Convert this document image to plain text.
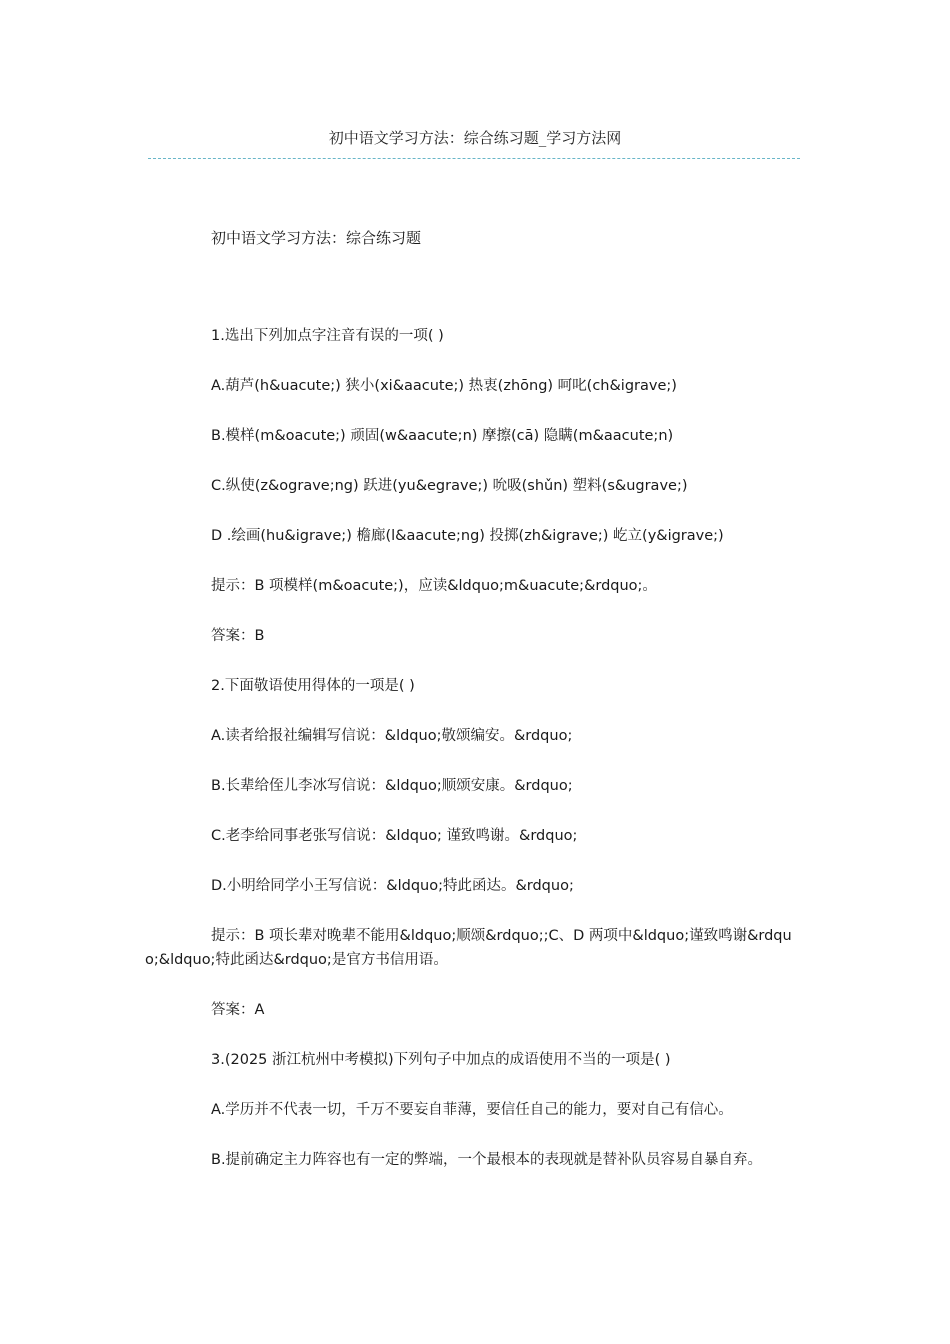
初中语文学习方法：综合练习题_学习方法网

初中语文学习方法：综合练习题

1.选出下列加点字注音有误的一项( )

A.葫芦(h&uacute;) 狭小(xi&aacute;) 热衷(zhōng) 呵叱(ch&igrave;)

B.模样(m&oacute;) 顽固(w&aacute;n) 摩擦(cā) 隐瞒(m&aacute;n)

C.纵使(z&ograve;ng) 跃进(yu&egrave;) 吮吸(shǔn) 塑料(s&ugrave;)

D .绘画(hu&igrave;) 檐廊(l&aacute;ng) 投掷(zh&igrave;) 屹立(y&igrave;)

提示：B 项模样(m&oacute;)，应读&ldquo;m&uacute;&rdquo;。

答案：B

2.下面敬语使用得体的一项是( )

A.读者给报社编辑写信说：&ldquo;敬颂编安。&rdquo;

B.长辈给侄儿李冰写信说：&ldquo;顺颂安康。&rdquo;

C.老李给同事老张写信说：&ldquo; 谨致鸣谢。&rdquo;

D.小明给同学小王写信说：&ldquo;特此函达。&rdquo;

提示：B 项长辈对晚辈不能用&ldquo;顺颂&rdquo;;C、D 两项中&ldquo;谨致鸣谢&rdquo;&ldquo;特此函达&rdquo;是官方书信用语。

答案：A

3.(2025 浙江杭州中考模拟)下列句子中加点的成语使用不当的一项是( )

A.学历并不代表一切，千万不要妄自菲薄，要信任自己的能力，要对自己有信心。

B.提前确定主力阵容也有一定的弊端，一个最根本的表现就是替补队员容易自暴自弃。
